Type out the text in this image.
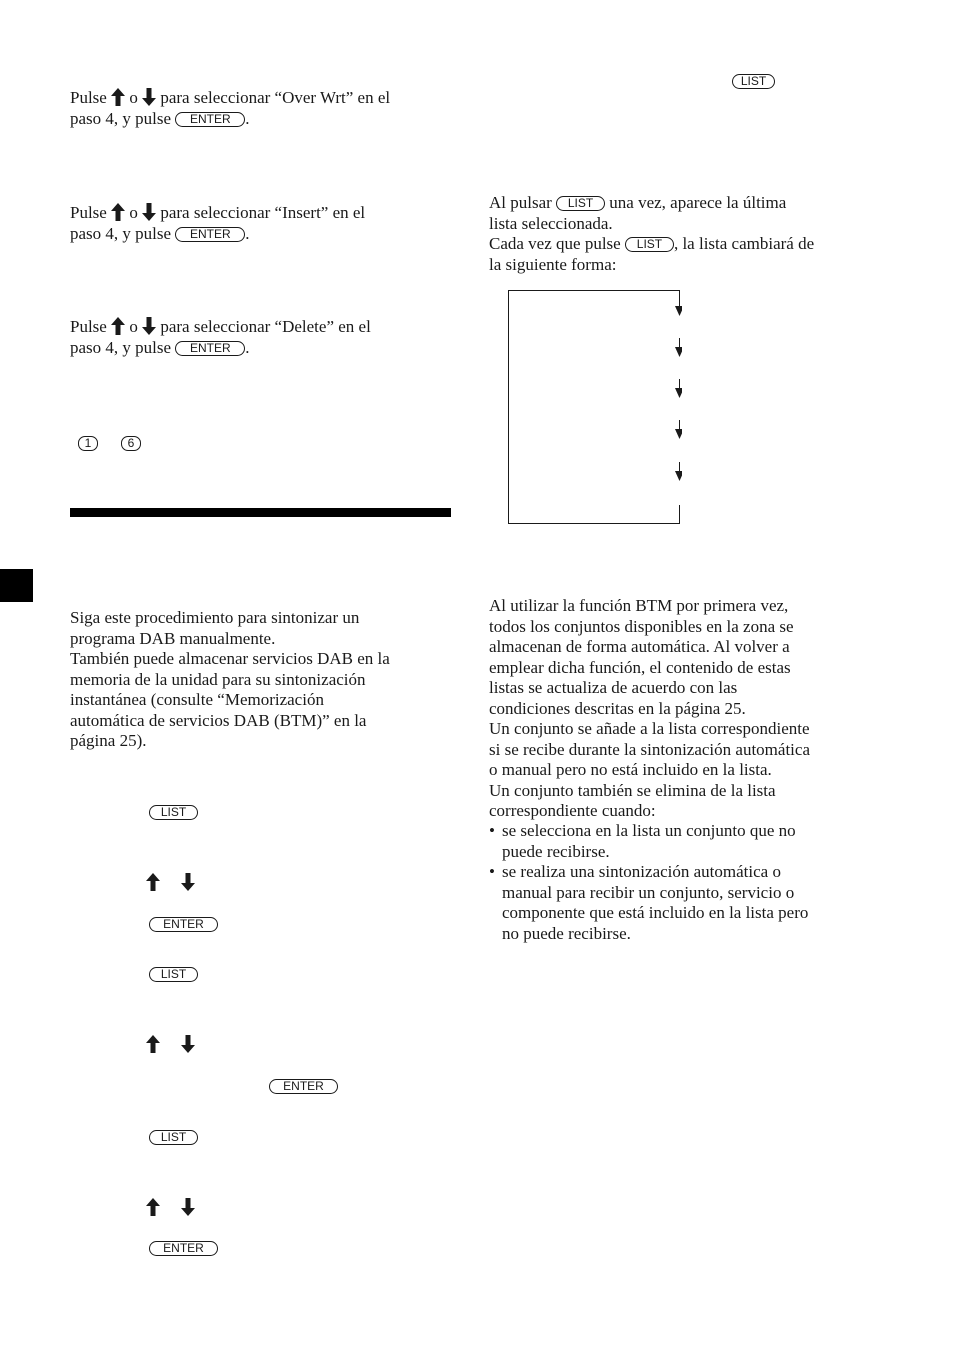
Pulse o para seleccionar “Over Wrt” en el
paso 4, y pulse ENTER .
Pulse o para seleccionar “Insert” en el
paso 4, y pulse ENTER .
Pulse o para seleccionar “Delete” en el
paso 4, y pulse ENTER .
1	6
Siga este procedimiento para sintonizar un
programa DAB manualmente.
También puede almacenar servicios DAB en la
memoria de la unidad para su sintonización
instantánea (consulte “Memorización
automática de servicios DAB (BTM)” en la
página 25).
LIST
ENTER
LIST
ENTER
LIST
ENTER
LIST
Al pulsar LIST una vez, aparece la última
lista seleccionada.
Cada vez que pulse LIST , la lista cambiará de
la siguiente forma:
Al utilizar la función BTM por primera vez,
todos los conjuntos disponibles en la zona se
almacenan de forma automática. Al volver a
emplear dicha función, el contenido de estas
listas se actualiza de acuerdo con las
condiciones descritas en la página 25.
Un conjunto se añade a la lista correspondiente
si se recibe durante la sintonización automática
o manual pero no está incluido en la lista.
Un conjunto también se elimina de la lista
correspondiente cuando:
• se selecciona en la lista un conjunto que no
puede recibirse.
• se realiza una sintonización automática o
manual para recibir un conjunto, servicio o
componente que está incluido en la lista pero
no puede recibirse.
